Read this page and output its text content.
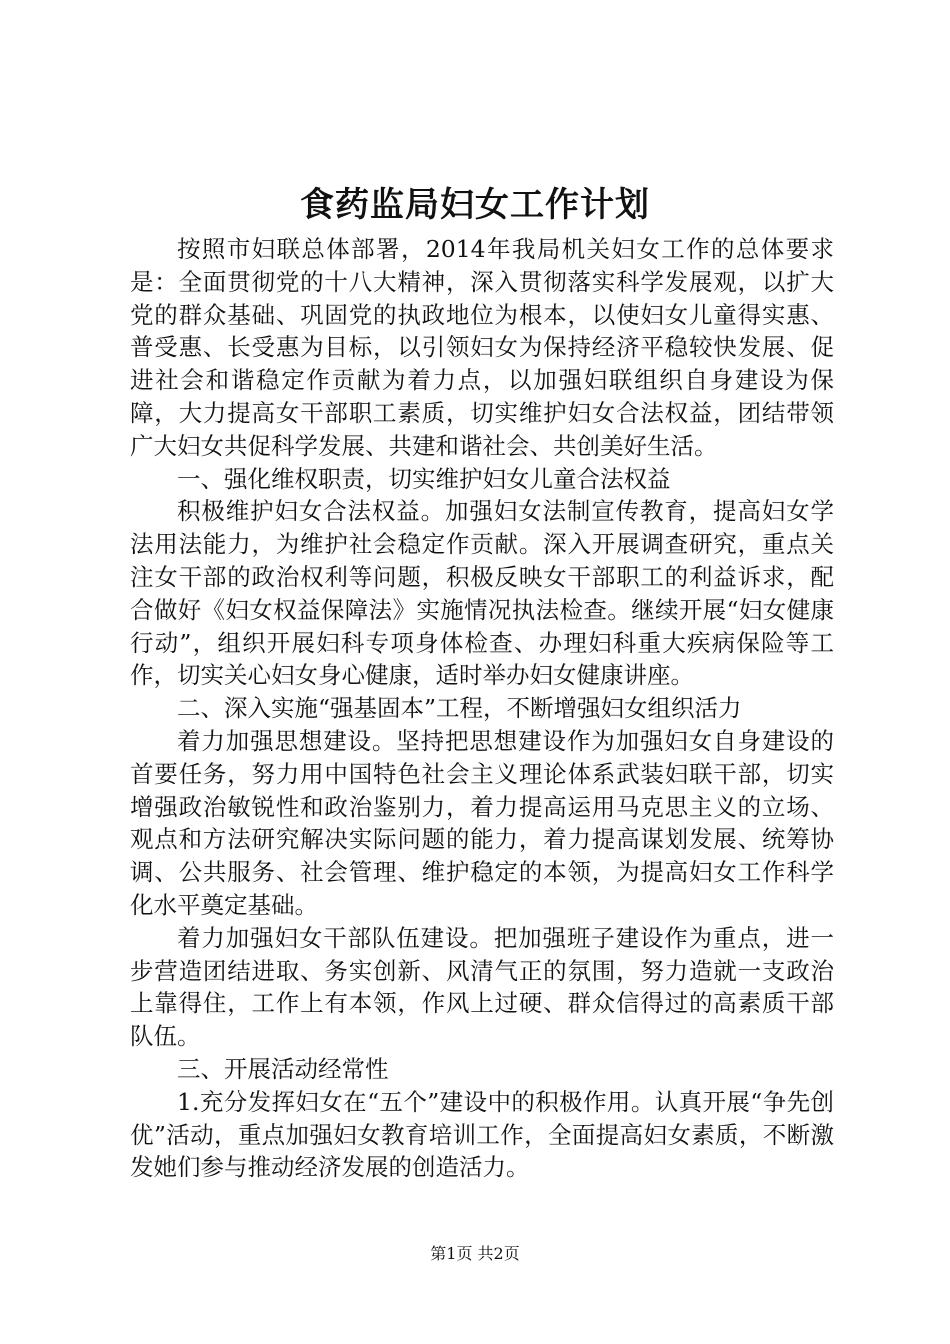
食药监局妇女工作计划

按照市妇联总体部署，2014年我局机关妇女工作的总体要求是：全面贯彻党的十八大精神，深入贯彻落实科学发展观，以扩大党的群众基础、巩固党的执政地位为根本，以使妇女儿童得实惠、普受惠、长受惠为目标，以引领妇女为保持经济平稳较快发展、促进社会和谐稳定作贡献为着力点，以加强妇联组织自身建设为保障，大力提高女干部职工素质，切实维护妇女合法权益，团结带领广大妇女共促科学发展、共建和谐社会、共创美好生活。

一、强化维权职责，切实维护妇女儿童合法权益

积极维护妇女合法权益。加强妇女法制宣传教育，提高妇女学法用法能力，为维护社会稳定作贡献。深入开展调查研究，重点关注女干部的政治权利等问题，积极反映女干部职工的利益诉求，配合做好《妇女权益保障法》实施情况执法检查。继续开展“妇女健康行动”，组织开展妇科专项身体检查、办理妇科重大疾病保险等工作，切实关心妇女身心健康，适时举办妇女健康讲座。

二、深入实施“强基固本”工程，不断增强妇女组织活力

着力加强思想建设。坚持把思想建设作为加强妇女自身建设的首要任务，努力用中国特色社会主义理论体系武装妇联干部，切实增强政治敏锐性和政治鉴别力，着力提高运用马克思主义的立场、观点和方法研究解决实际问题的能力，着力提高谋划发展、统筹协调、公共服务、社会管理、维护稳定的本领，为提高妇女工作科学化水平奠定基础。

着力加强妇女干部队伍建设。把加强班子建设作为重点，进一步营造团结进取、务实创新、风清气正的氛围，努力造就一支政治上靠得住，工作上有本领，作风上过硬、群众信得过的高素质干部队伍。

三、开展活动经常性

1.充分发挥妇女在“五个”建设中的积极作用。认真开展“争先创优”活动，重点加强妇女教育培训工作，全面提高妇女素质，不断激发她们参与推动经济发展的创造活力。

第1页 共2页
